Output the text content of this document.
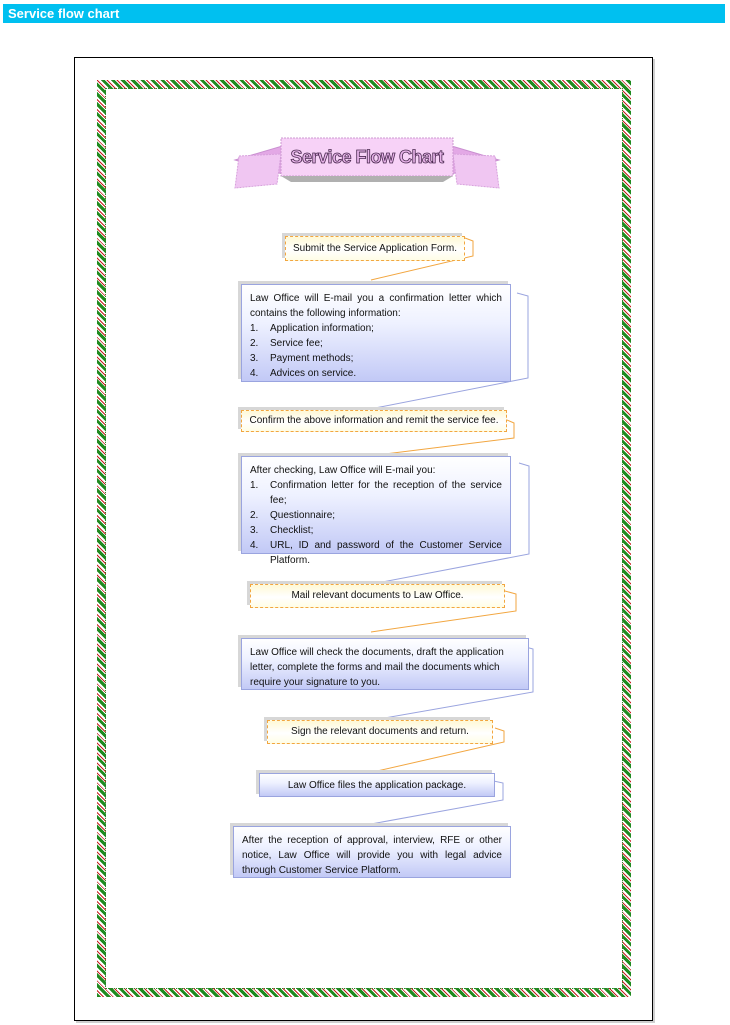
Service flow chart
Service Flow Chart
Submit the Service Application Form.
Law Office will E-mail you a confirmation letter which contains the following information:
1.	Application information;
2.	Service fee;
3.	Payment methods;
4.	Advices on service.
Confirm the above information and remit the service fee.
After checking, Law Office will E-mail you:
1.	Confirmation letter for the reception of the service fee;
2.	Questionnaire;
3.	Checklist;
4.	URL, ID and password of the Customer Service Platform.
Mail relevant documents to Law Office.
Law Office will check the documents, draft the application letter, complete the forms and mail the documents which require your signature to you.
Sign the relevant documents and return.
Law Office files the application package.
After the reception of approval, interview, RFE or other notice, Law Office will provide you with legal advice through Customer Service Platform.
